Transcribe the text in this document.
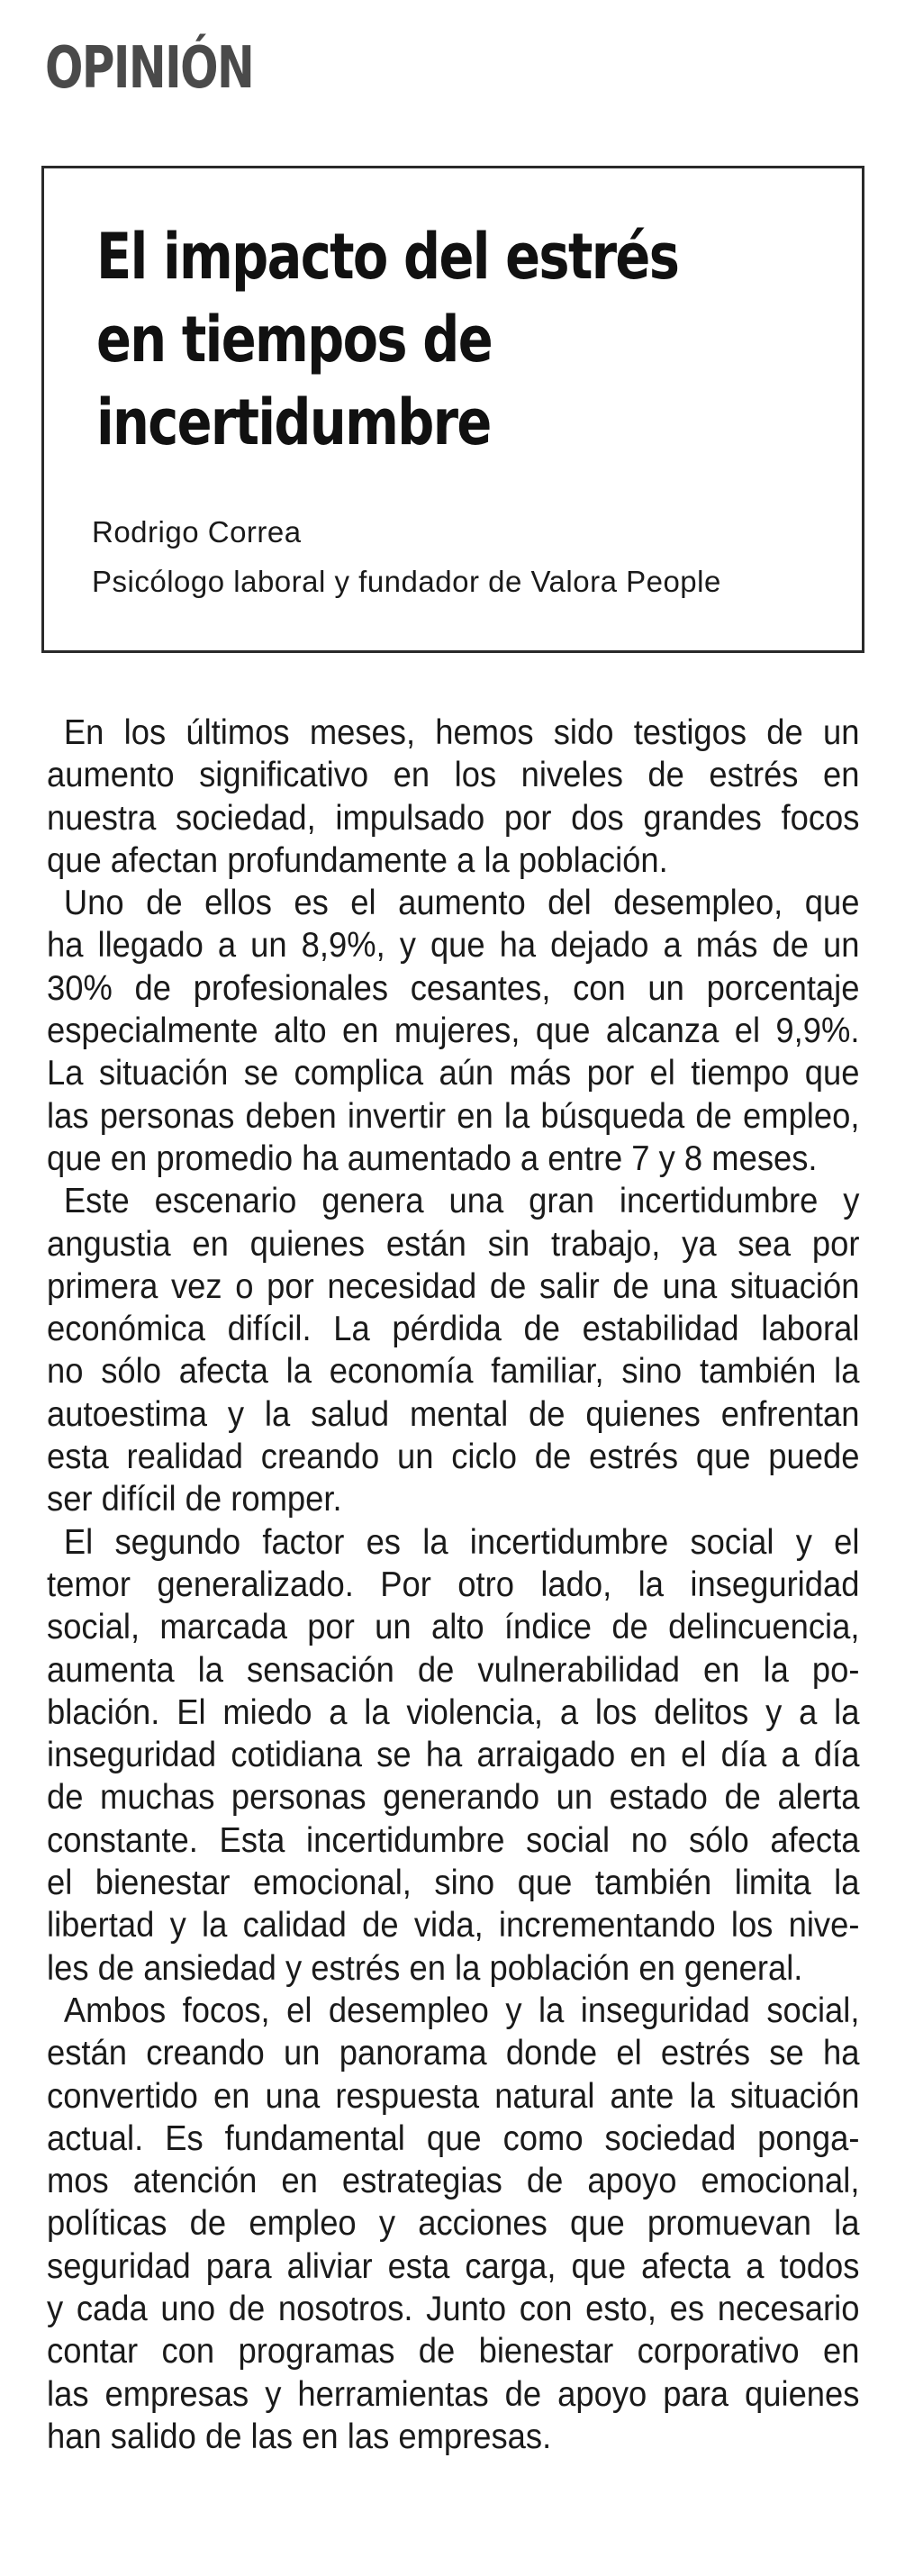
OPINIÓN
El impacto del estrés
en tiempos de
incertidumbre

Rodrigo Correa

Psicólogo laboral y fundador de Valora People

En los últimos meses, hemos sido testigos de un
aumento significativo en los niveles de estrés en
nuestra sociedad, impulsado por dos grandes focos
que afectan profundamente a la población.
Uno de ellos es el aumento del desempleo, que
ha llegado a un 8,9%, y que ha dejado a más de un
30% de profesionales cesantes, con un porcentaje
especialmente alto en mujeres, que alcanza el 9,9%.
La situación se complica aún más por el tiempo que
las personas deben invertir en la búsqueda de empleo,
que en promedio ha aumentado a entre 7 y 8 meses.
Este escenario genera una gran incertidumbre y
angustia en quienes están sin trabajo, ya sea por
primera vez o por necesidad de salir de una situación
económica difícil. La pérdida de estabilidad laboral
no sólo afecta la economía familiar, sino también la
autoestima y la salud mental de quienes enfrentan
esta realidad creando un ciclo de estrés que puede
ser difícil de romper.
El segundo factor es la incertidumbre social y el
temor generalizado. Por otro lado, la inseguridad
social, marcada por un alto índice de delincuencia,
aumenta la sensación de vulnerabilidad en la po-
blación. El miedo a la violencia, a los delitos y a la
inseguridad cotidiana se ha arraigado en el día a día
de muchas personas generando un estado de alerta
constante. Esta incertidumbre social no sólo afecta
el bienestar emocional, sino que también limita la
libertad y la calidad de vida, incrementando los nive-
les de ansiedad y estrés en la población en general.
Ambos focos, el desempleo y la inseguridad social,
están creando un panorama donde el estrés se ha
convertido en una respuesta natural ante la situación
actual. Es fundamental que como sociedad ponga-
mos atención en estrategias de apoyo emocional,
políticas de empleo y acciones que promuevan la
seguridad para aliviar esta carga, que afecta a todos
y cada uno de nosotros. Junto con esto, es necesario
contar con programas de bienestar corporativo en
las empresas y herramientas de apoyo para quienes
han salido de las en las empresas.
